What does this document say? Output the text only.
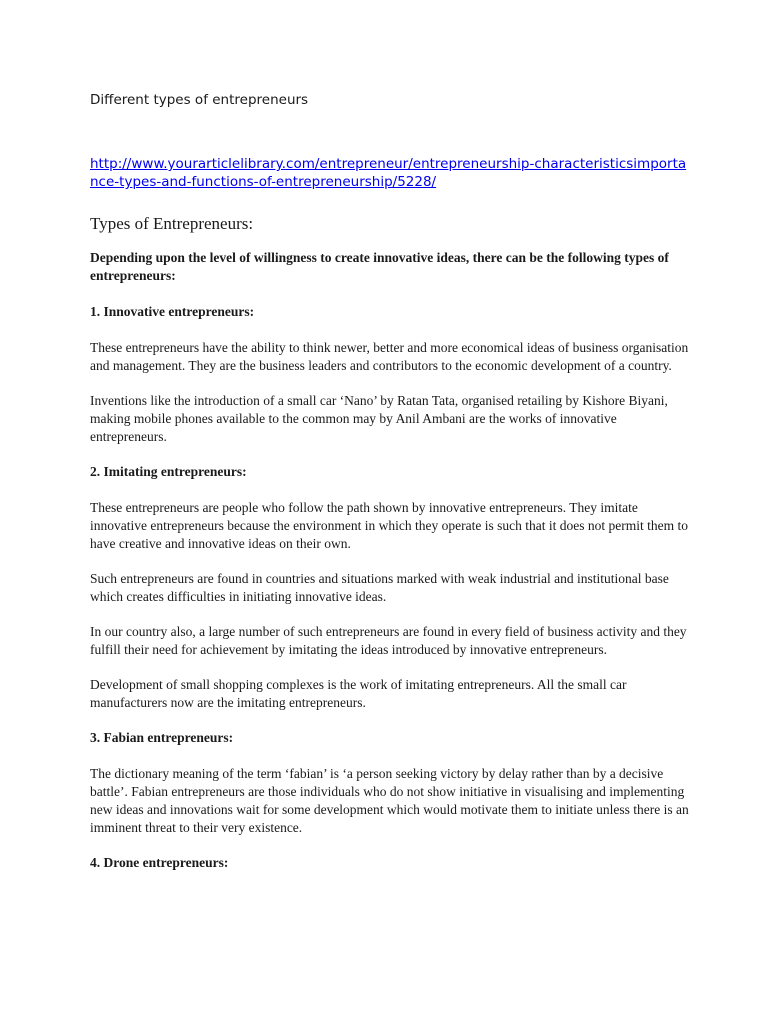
Different types of entrepreneurs
http://www.yourarticlelibrary.com/entrepreneur/entrepreneurship-characteristicsimportance-types-and-functions-of-entrepreneurship/5228/
Types of Entrepreneurs:
Depending upon the level of willingness to create innovative ideas, there can be the following types of entrepreneurs:
1. Innovative entrepreneurs:
These entrepreneurs have the ability to think newer, better and more economical ideas of business organisation and management. They are the business leaders and contributors to the economic development of a country.
Inventions like the introduction of a small car ‘Nano’ by Ratan Tata, organised retailing by Kishore Biyani, making mobile phones available to the common may by Anil Ambani are the works of innovative entrepreneurs.
2. Imitating entrepreneurs:
These entrepreneurs are people who follow the path shown by innovative entrepreneurs. They imitate innovative entrepreneurs because the environment in which they operate is such that it does not permit them to have creative and innovative ideas on their own.
Such entrepreneurs are found in countries and situations marked with weak industrial and institutional base which creates difficulties in initiating innovative ideas.
In our country also, a large number of such entrepreneurs are found in every field of business activity and they fulfill their need for achievement by imitating the ideas introduced by innovative entrepreneurs.
Development of small shopping complexes is the work of imitating entrepreneurs. All the small car manufacturers now are the imitating entrepreneurs.
3. Fabian entrepreneurs:
The dictionary meaning of the term ‘fabian’ is ‘a person seeking victory by delay rather than by a decisive battle’. Fabian entrepreneurs are those individuals who do not show initiative in visualising and implementing new ideas and innovations wait for some development which would motivate them to initiate unless there is an imminent threat to their very existence.
4. Drone entrepreneurs:
